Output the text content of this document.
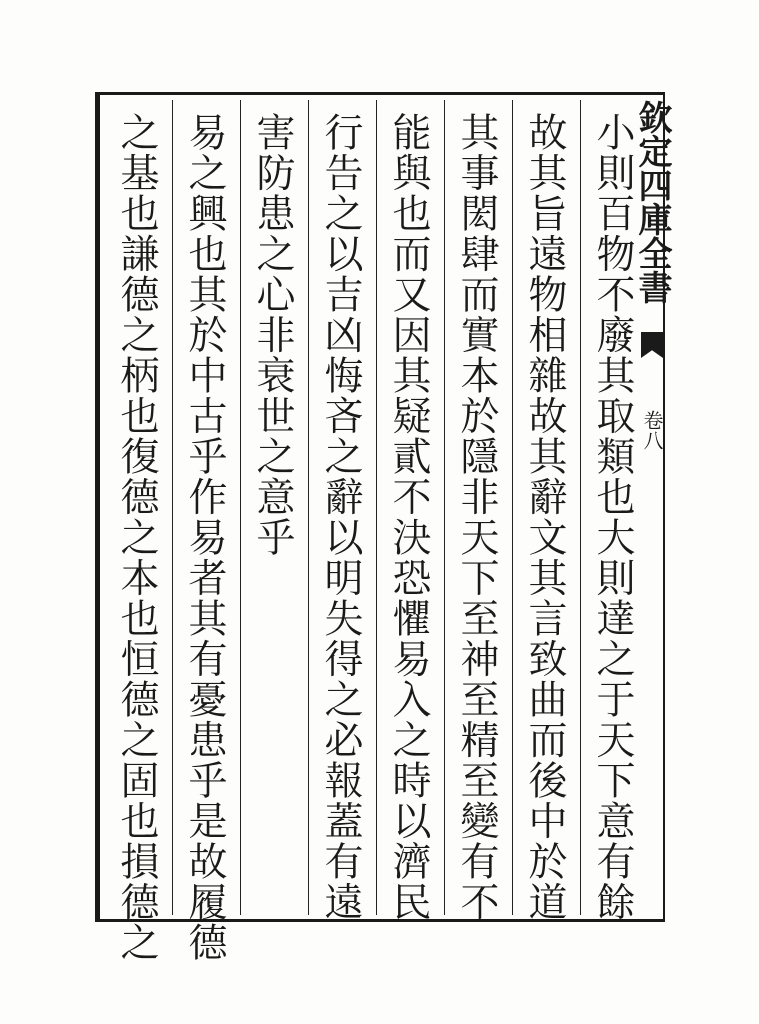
欽定四庫全書
卷八
小則百物不廢其取類也大則達之于天下意有餘
故其旨遠物相雜故其辭文其言致曲而後中於道
其事閎肆而實本於隱非天下至神至精至變有不
能與也而又因其疑貳不決恐懼易入之時以濟民
行告之以吉凶悔吝之辭以明失得之必報蓋有遠
害防患之心非衰世之意乎
易之興也其於中古乎作易者其有憂患乎是故履德
之基也謙德之柄也復德之本也恒德之固也損德之
